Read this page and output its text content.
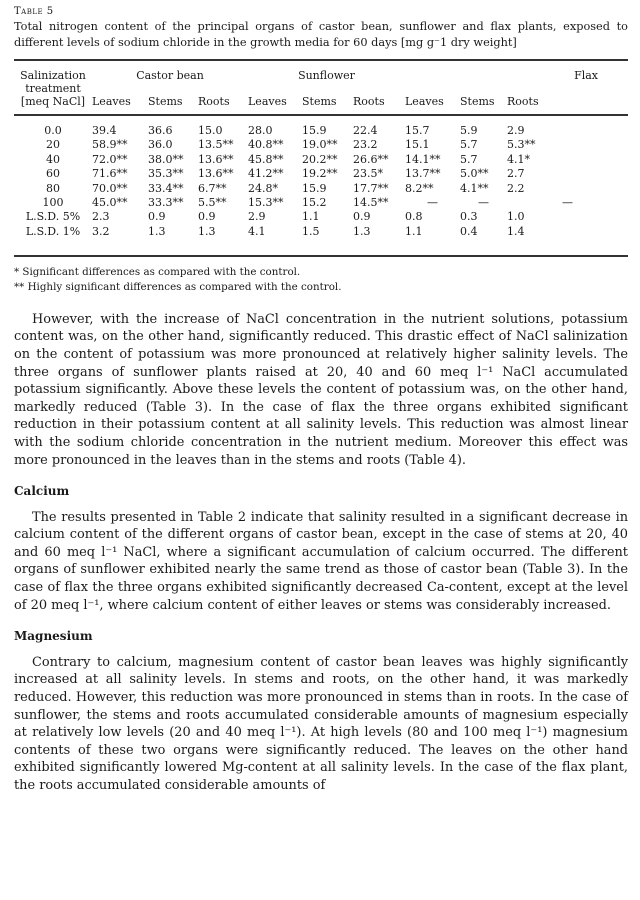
Table 5
Total nitrogen content of the principal organs of castor bean, sunflower and flax plants, exposed to different levels of sodium chloride in the growth media for 60 days [mg g⁻1 dry weight]
Salinization	Castor bean			Sunflower			Flax		
treatment									
[meq NaCl]	Leaves	Stems	Roots	Leaves	Stems	Roots	Leaves	Stems	Roots
0.0	39.4	36.6	15.0	28.0	15.9	22.4	15.7	5.9	2.9
20	58.9**	36.0	13.5**	40.8**	19.0**	23.2	15.1	5.7	5.3**
40	72.0**	38.0**	13.6**	45.8**	20.2**	26.6**	14.1**	5.7	4.1*
60	71.6**	35.3**	13.6**	41.2**	19.2**	23.5*	13.7**	5.0**	2.7
80	70.0**	33.4**	6.7**	24.8*	15.9	17.7**	8.2**	4.1**	2.2
100	45.0**	33.3**	5.5**	15.3**	15.2	14.5**	—	—	—
L.S.D. 5%	2.3	0.9	0.9	2.9	1.1	0.9	0.8	0.3	1.0
L.S.D. 1%	3.2	1.3	1.3	4.1	1.5	1.3	1.1	0.4	1.4
* Significant differences as compared with the control.
** Highly significant differences as compared with the control.

However, with the increase of NaCl concentration in the nutrient solutions, potassium content was, on the other hand, significantly reduced. This drastic effect of NaCl salinization on the content of potassium was more pronounced at relatively higher salinity levels. The three organs of sunflower plants raised at 20, 40 and 60 meq l⁻¹ NaCl accumulated potassium significantly. Above these levels the content of potassium was, on the other hand, markedly reduced (Table 3). In the case of flax the three organs exhibited significant reduction in their potassium content at all salinity levels. This reduction was almost linear with the sodium chloride concentration in the nutrient medium. Moreover this effect was more pronounced in the leaves than in the stems and roots (Table 4).

Calcium

The results presented in Table 2 indicate that salinity resulted in a significant decrease in calcium content of the different organs of castor bean, except in the case of stems at 20, 40 and 60 meq l⁻¹ NaCl, where a significant accumulation of calcium occurred. The different organs of sunflower exhibited nearly the same trend as those of castor bean (Table 3). In the case of flax the three organs exhibited significantly decreased Ca-content, except at the level of 20 meq l⁻¹, where calcium content of either leaves or stems was considerably increased.

Magnesium

Contrary to calcium, magnesium content of castor bean leaves was highly significantly increased at all salinity levels. In stems and roots, on the other hand, it was markedly reduced. However, this reduction was more pronounced in stems than in roots. In the case of sunflower, the stems and roots accumulated considerable amounts of magnesium especially at relatively low levels (20 and 40 meq l⁻¹). At high levels (80 and 100 meq l⁻¹) magnesium contents of these two organs were significantly reduced. The leaves on the other hand exhibited significantly lowered Mg-content at all salinity levels. In the case of the flax plant, the roots accumulated considerable amounts of
